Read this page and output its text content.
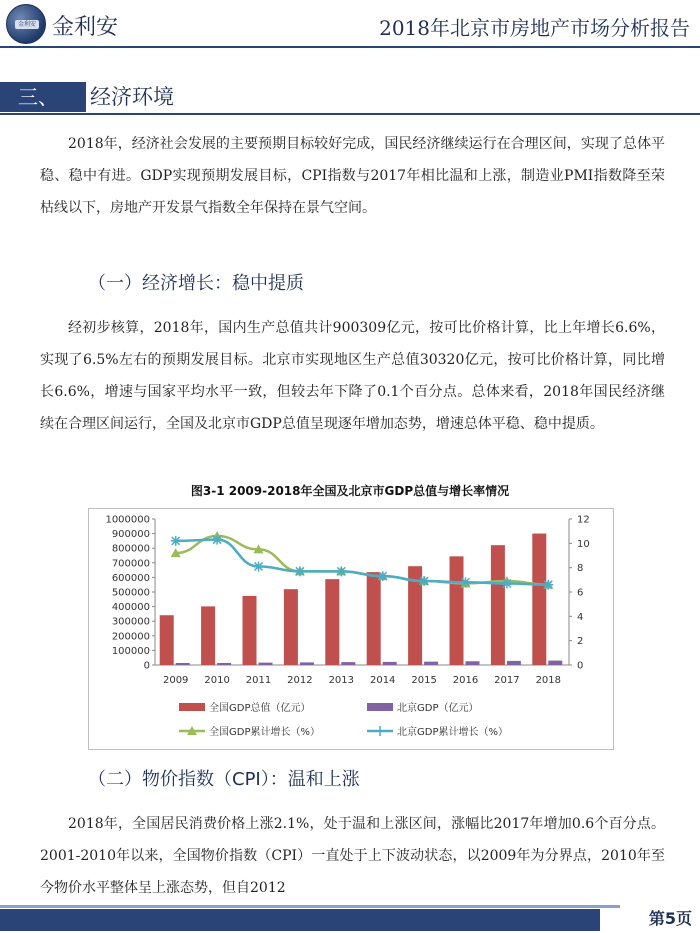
金利安 金利安	2018年北京市房地产市场分析报告
三、	经济环境

2018年，经济社会发展的主要预期目标较好完成，国民经济继续运行在合理区间，实现了总体平稳、稳中有进。GDP实现预期发展目标，CPI指数与2017年相比温和上涨，制造业PMI指数降至荣枯线以下，房地产开发景气指数全年保持在景气空间。

（一）经济增长：稳中提质

经初步核算，2018年，国内生产总值共计900309亿元，按可比价格计算，比上年增长6.6%，实现了6.5%左右的预期发展目标。北京市实现地区生产总值30320亿元，按可比价格计算，同比增长6.6%，增速与国家平均水平一致，但较去年下降了0.1个百分点。总体来看，2018年国民经济继续在合理区间运行，全国及北京市GDP总值呈现逐年增加态势，增速总体平稳、稳中提质。

图3-1 2009-2018年全国及北京市GDP总值与增长率情况
0
100000
200000
300000
400000
500000
600000
700000
800000
900000
1000000
0
2
4
6
8
10
12
2009 2010 2011 2012 2013 2014 2015 2016 2017 2018
全国GDP总值（亿元）	北京GDP（亿元）
全国GDP累计增长（%）	北京GDP累计增长（%）
（二）物价指数（CPI）：温和上涨

2018年，全国居民消费价格上涨2.1%，处于温和上涨区间，涨幅比2017年增加0.6个百分点。2001-2010年以来，全国物价指数（CPI）一直处于上下波动状态，以2009年为分界点，2010年至今物价水平整体呈上涨态势，但自2012

第5页
